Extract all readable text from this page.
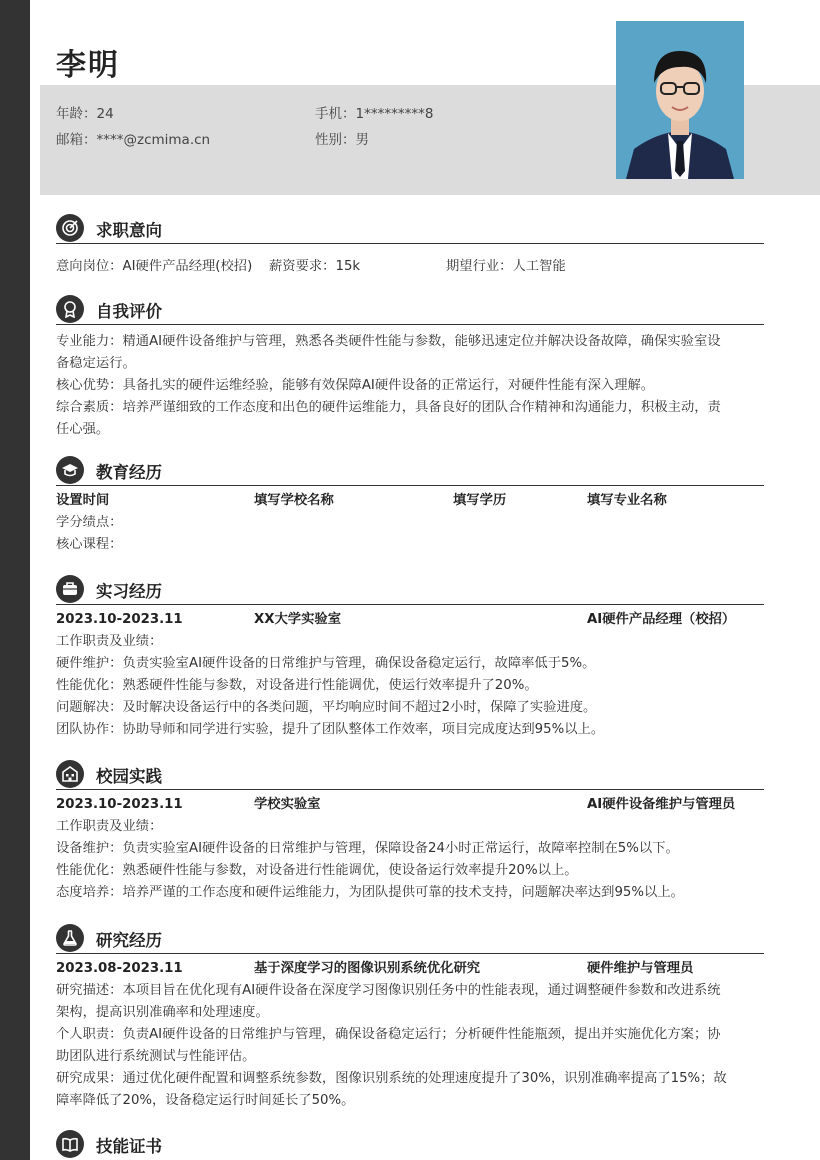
李明
年龄：24	手机：1*********8
邮箱：****@zcmima.cn	性别：男
求职意向
意向岗位：AI硬件产品经理(校招) 薪资要求：15k	期望行业：人工智能
自我评价
专业能力：精通AI硬件设备维护与管理，熟悉各类硬件性能与参数，能够迅速定位并解决设备故障，确保实验室设
备稳定运行。
核心优势：具备扎实的硬件运维经验，能够有效保障AI硬件设备的正常运行，对硬件性能有深入理解。
综合素质：培养严谨细致的工作态度和出色的硬件运维能力，具备良好的团队合作精神和沟通能力，积极主动，责
任心强。
教育经历
设置时间	填写学校名称	填写学历	填写专业名称
学分绩点：
核心课程：
实习经历
2023.10-2023.11	XX大学实验室	AI硬件产品经理（校招）
工作职责及业绩：
硬件维护：负责实验室AI硬件设备的日常维护与管理，确保设备稳定运行，故障率低于5%。
性能优化：熟悉硬件性能与参数，对设备进行性能调优，使运行效率提升了20%。
问题解决：及时解决设备运行中的各类问题，平均响应时间不超过2小时，保障了实验进度。
团队协作：协助导师和同学进行实验，提升了团队整体工作效率，项目完成度达到95%以上。
校园实践
2023.10-2023.11	学校实验室	AI硬件设备维护与管理员
工作职责及业绩：
设备维护：负责实验室AI硬件设备的日常维护与管理，保障设备24小时正常运行，故障率控制在5%以下。
性能优化：熟悉硬件性能与参数，对设备进行性能调优，使设备运行效率提升20%以上。
态度培养：培养严谨的工作态度和硬件运维能力，为团队提供可靠的技术支持，问题解决率达到95%以上。
研究经历
2023.08-2023.11	基于深度学习的图像识别系统优化研究	硬件维护与管理员
研究描述：本项目旨在优化现有AI硬件设备在深度学习图像识别任务中的性能表现，通过调整硬件参数和改进系统
架构，提高识别准确率和处理速度。
个人职责：负责AI硬件设备的日常维护与管理，确保设备稳定运行；分析硬件性能瓶颈，提出并实施优化方案；协
助团队进行系统测试与性能评估。
研究成果：通过优化硬件配置和调整系统参数，图像识别系统的处理速度提升了30%，识别准确率提高了15%；故
障率降低了20%，设备稳定运行时间延长了50%。
技能证书
